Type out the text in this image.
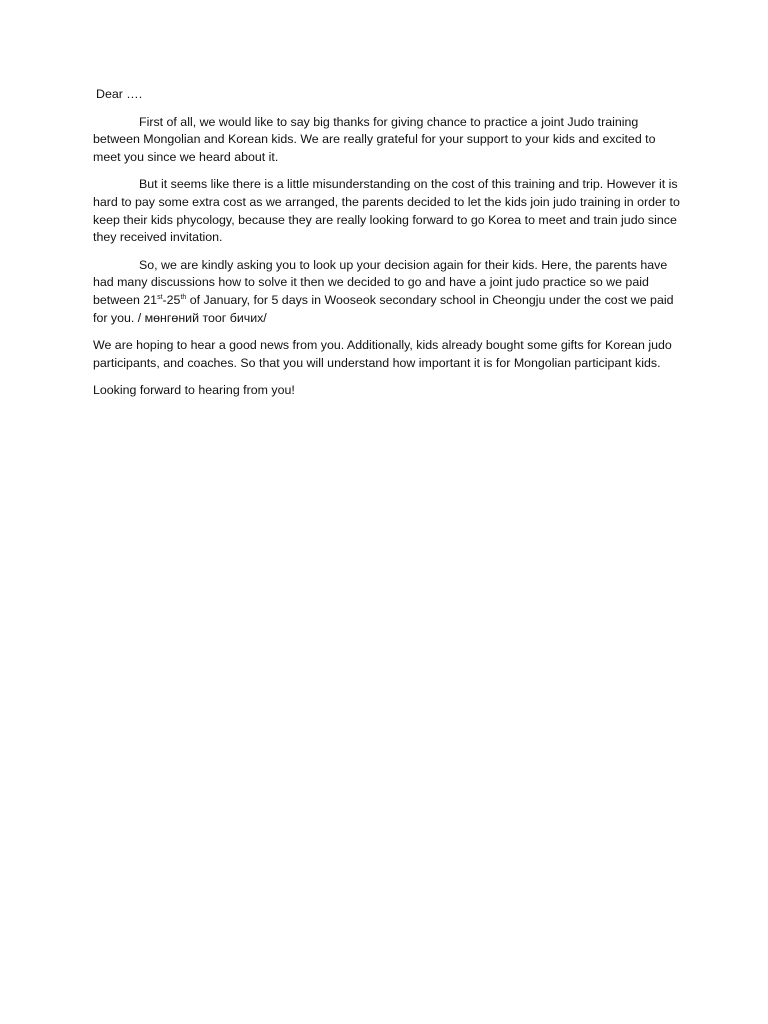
Dear ….

First of all, we would like to say big thanks for giving chance to practice a joint Judo training between Mongolian and Korean kids. We are really grateful for your support to your kids and excited to meet you since we heard about it.

But it seems like there is a little misunderstanding on the cost of this training and trip. However it is hard to pay some extra cost as we arranged, the parents decided to let the kids join judo training in order to keep their kids phycology, because they are really looking forward to go Korea to meet and train judo since they received invitation.

So, we are kindly asking you to look up your decision again for their kids. Here, the parents have had many discussions how to solve it then we decided to go and have a joint judo practice so we paid between 21st-25th of January, for 5 days in Wooseok secondary school in Cheongju under the cost we paid for you. / мөнгөний тоог бичих/

We are hoping to hear a good news from you. Additionally, kids already bought some gifts for Korean judo participants, and coaches. So that you will understand how important it is for Mongolian participant kids.

Looking forward to hearing from you!
